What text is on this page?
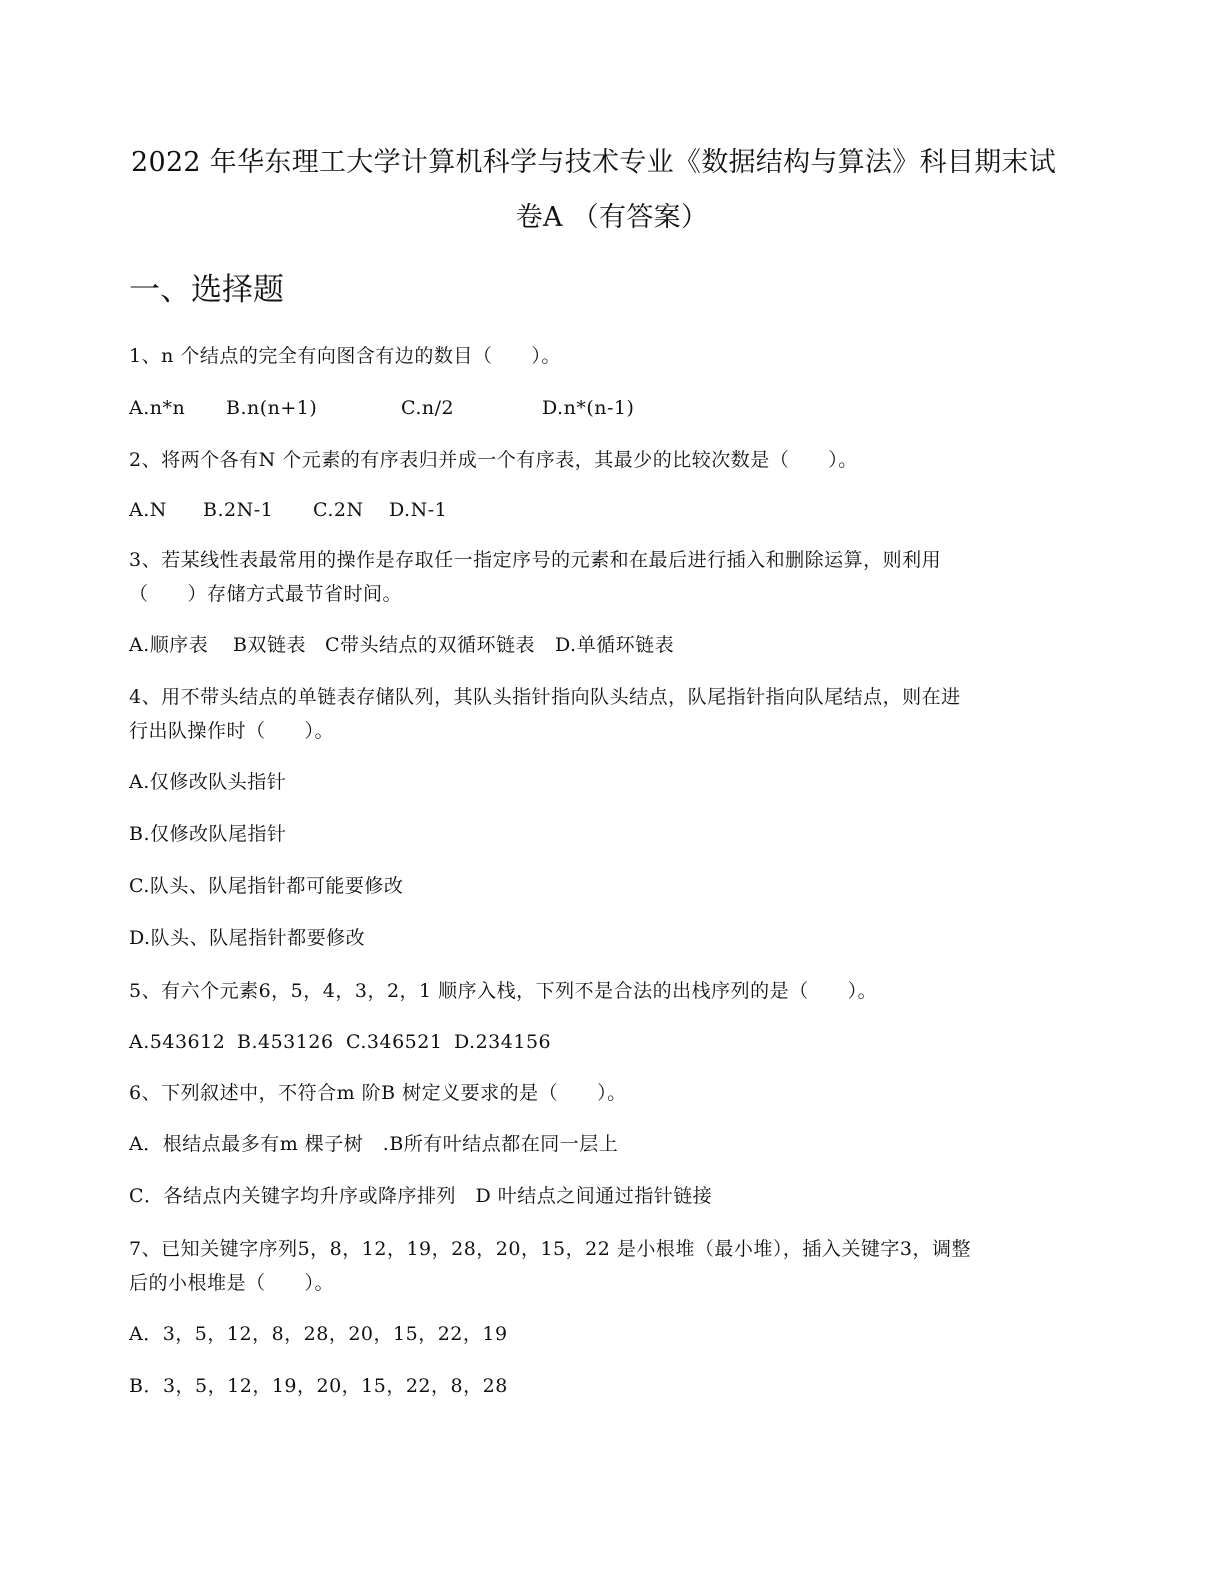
2022 年华东理工大学计算机科学与技术专业《数据结构与算法》科目期末试
卷A （有答案）
一、选择题
1、n 个结点的完全有向图含有边的数目（　　）。
A.n*n B.n(n+1)	C.n/2	D.n*(n-1)
2、将两个各有N 个元素的有序表归并成一个有序表，其最少的比较次数是（　　）。
A.N B.2N-1 C.2N D.N-1
3、若某线性表最常用的操作是存取任一指定序号的元素和在最后进行插入和删除运算，则利用
（　　）存储方式最节省时间。
A.顺序表 B双链表 C带头结点的双循环链表 D.单循环链表
4、用不带头结点的单链表存储队列，其队头指针指向队头结点，队尾指针指向队尾结点，则在进
行出队操作时（　　）。
A.仅修改队头指针
B.仅修改队尾指针
C.队头、队尾指针都可能要修改
D.队头、队尾指针都要修改
5、有六个元素6，5，4，3，2，1 顺序入栈，下列不是合法的出栈序列的是（　　）。
A.543612 B.453126 C.346521 D.234156
6、下列叙述中，不符合m 阶B 树定义要求的是（　　）。
A．根结点最多有m 棵子树　.B所有叶结点都在同一层上
C．各结点内关键字均升序或降序排列　D 叶结点之间通过指针链接
7、已知关键字序列5，8，12，19，28，20，15，22 是小根堆（最小堆），插入关键字3，调整
后的小根堆是（　　）。
A．3，5，12，8，28，20，15，22，19
B．3，5，12，19，20，15，22，8，28
